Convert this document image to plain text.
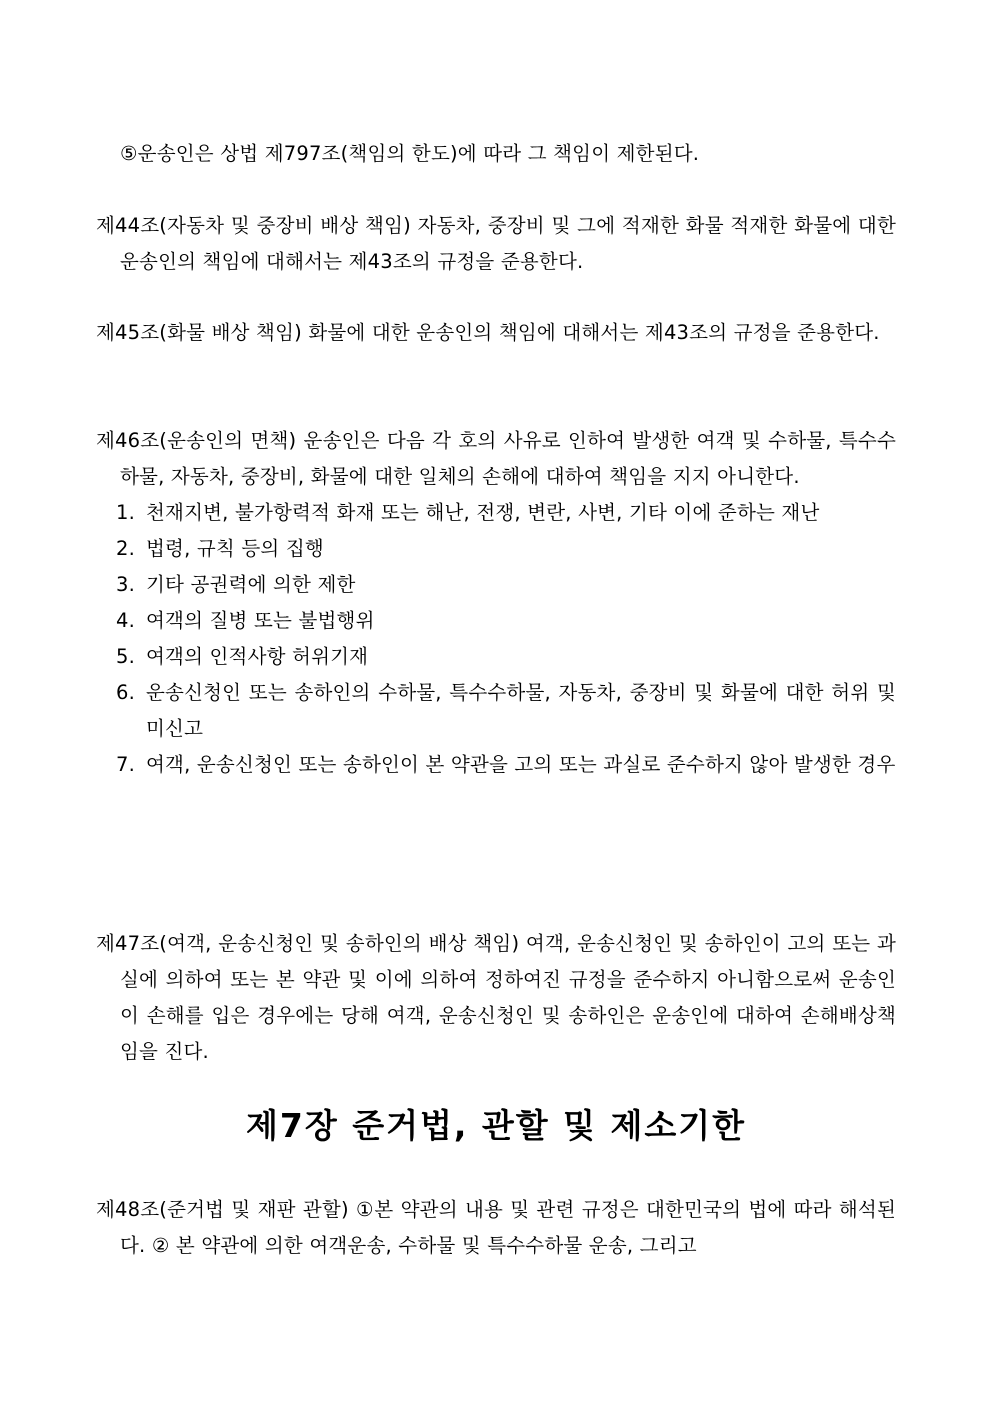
⑤운송인은 상법 제797조(책임의 한도)에 따라 그 책임이 제한된다.

제44조(자동차 및 중장비 배상 책임) 자동차, 중장비 및 그에 적재한 화물 적재한 화물에 대한 운송인의 책임에 대해서는 제43조의 규정을 준용한다.

제45조(화물 배상 책임) 화물에 대한 운송인의 책임에 대해서는 제43조의 규정을 준용한다.

제46조(운송인의 면책) 운송인은 다음 각 호의 사유로 인하여 발생한 여객 및 수하물, 특수수하물, 자동차, 중장비, 화물에 대한 일체의 손해에 대하여 책임을 지지 아니한다.

1. 천재지변, 불가항력적 화재 또는 해난, 전쟁, 변란, 사변, 기타 이에 준하는 재난
2. 법령, 규칙 등의 집행
3. 기타 공권력에 의한 제한
4. 여객의 질병 또는 불법행위
5. 여객의 인적사항 허위기재
6. 운송신청인 또는 송하인의 수하물, 특수수하물, 자동차, 중장비 및 화물에 대한 허위 및 미신고
7. 여객, 운송신청인 또는 송하인이 본 약관을 고의 또는 과실로 준수하지 않아 발생한 경우

제47조(여객, 운송신청인 및 송하인의 배상 책임) 여객, 운송신청인 및 송하인이 고의 또는 과실에 의하여 또는 본 약관 및 이에 의하여 정하여진 규정을 준수하지 아니함으로써 운송인이 손해를 입은 경우에는 당해 여객, 운송신청인 및 송하인은 운송인에 대하여 손해배상책임을 진다.

제7장 준거법, 관할 및 제소기한

제48조(준거법 및 재판 관할) ①본 약관의 내용 및 관련 규정은 대한민국의 법에 따라 해석된다. ② 본 약관에 의한 여객운송, 수하물 및 특수수하물 운송, 그리고
